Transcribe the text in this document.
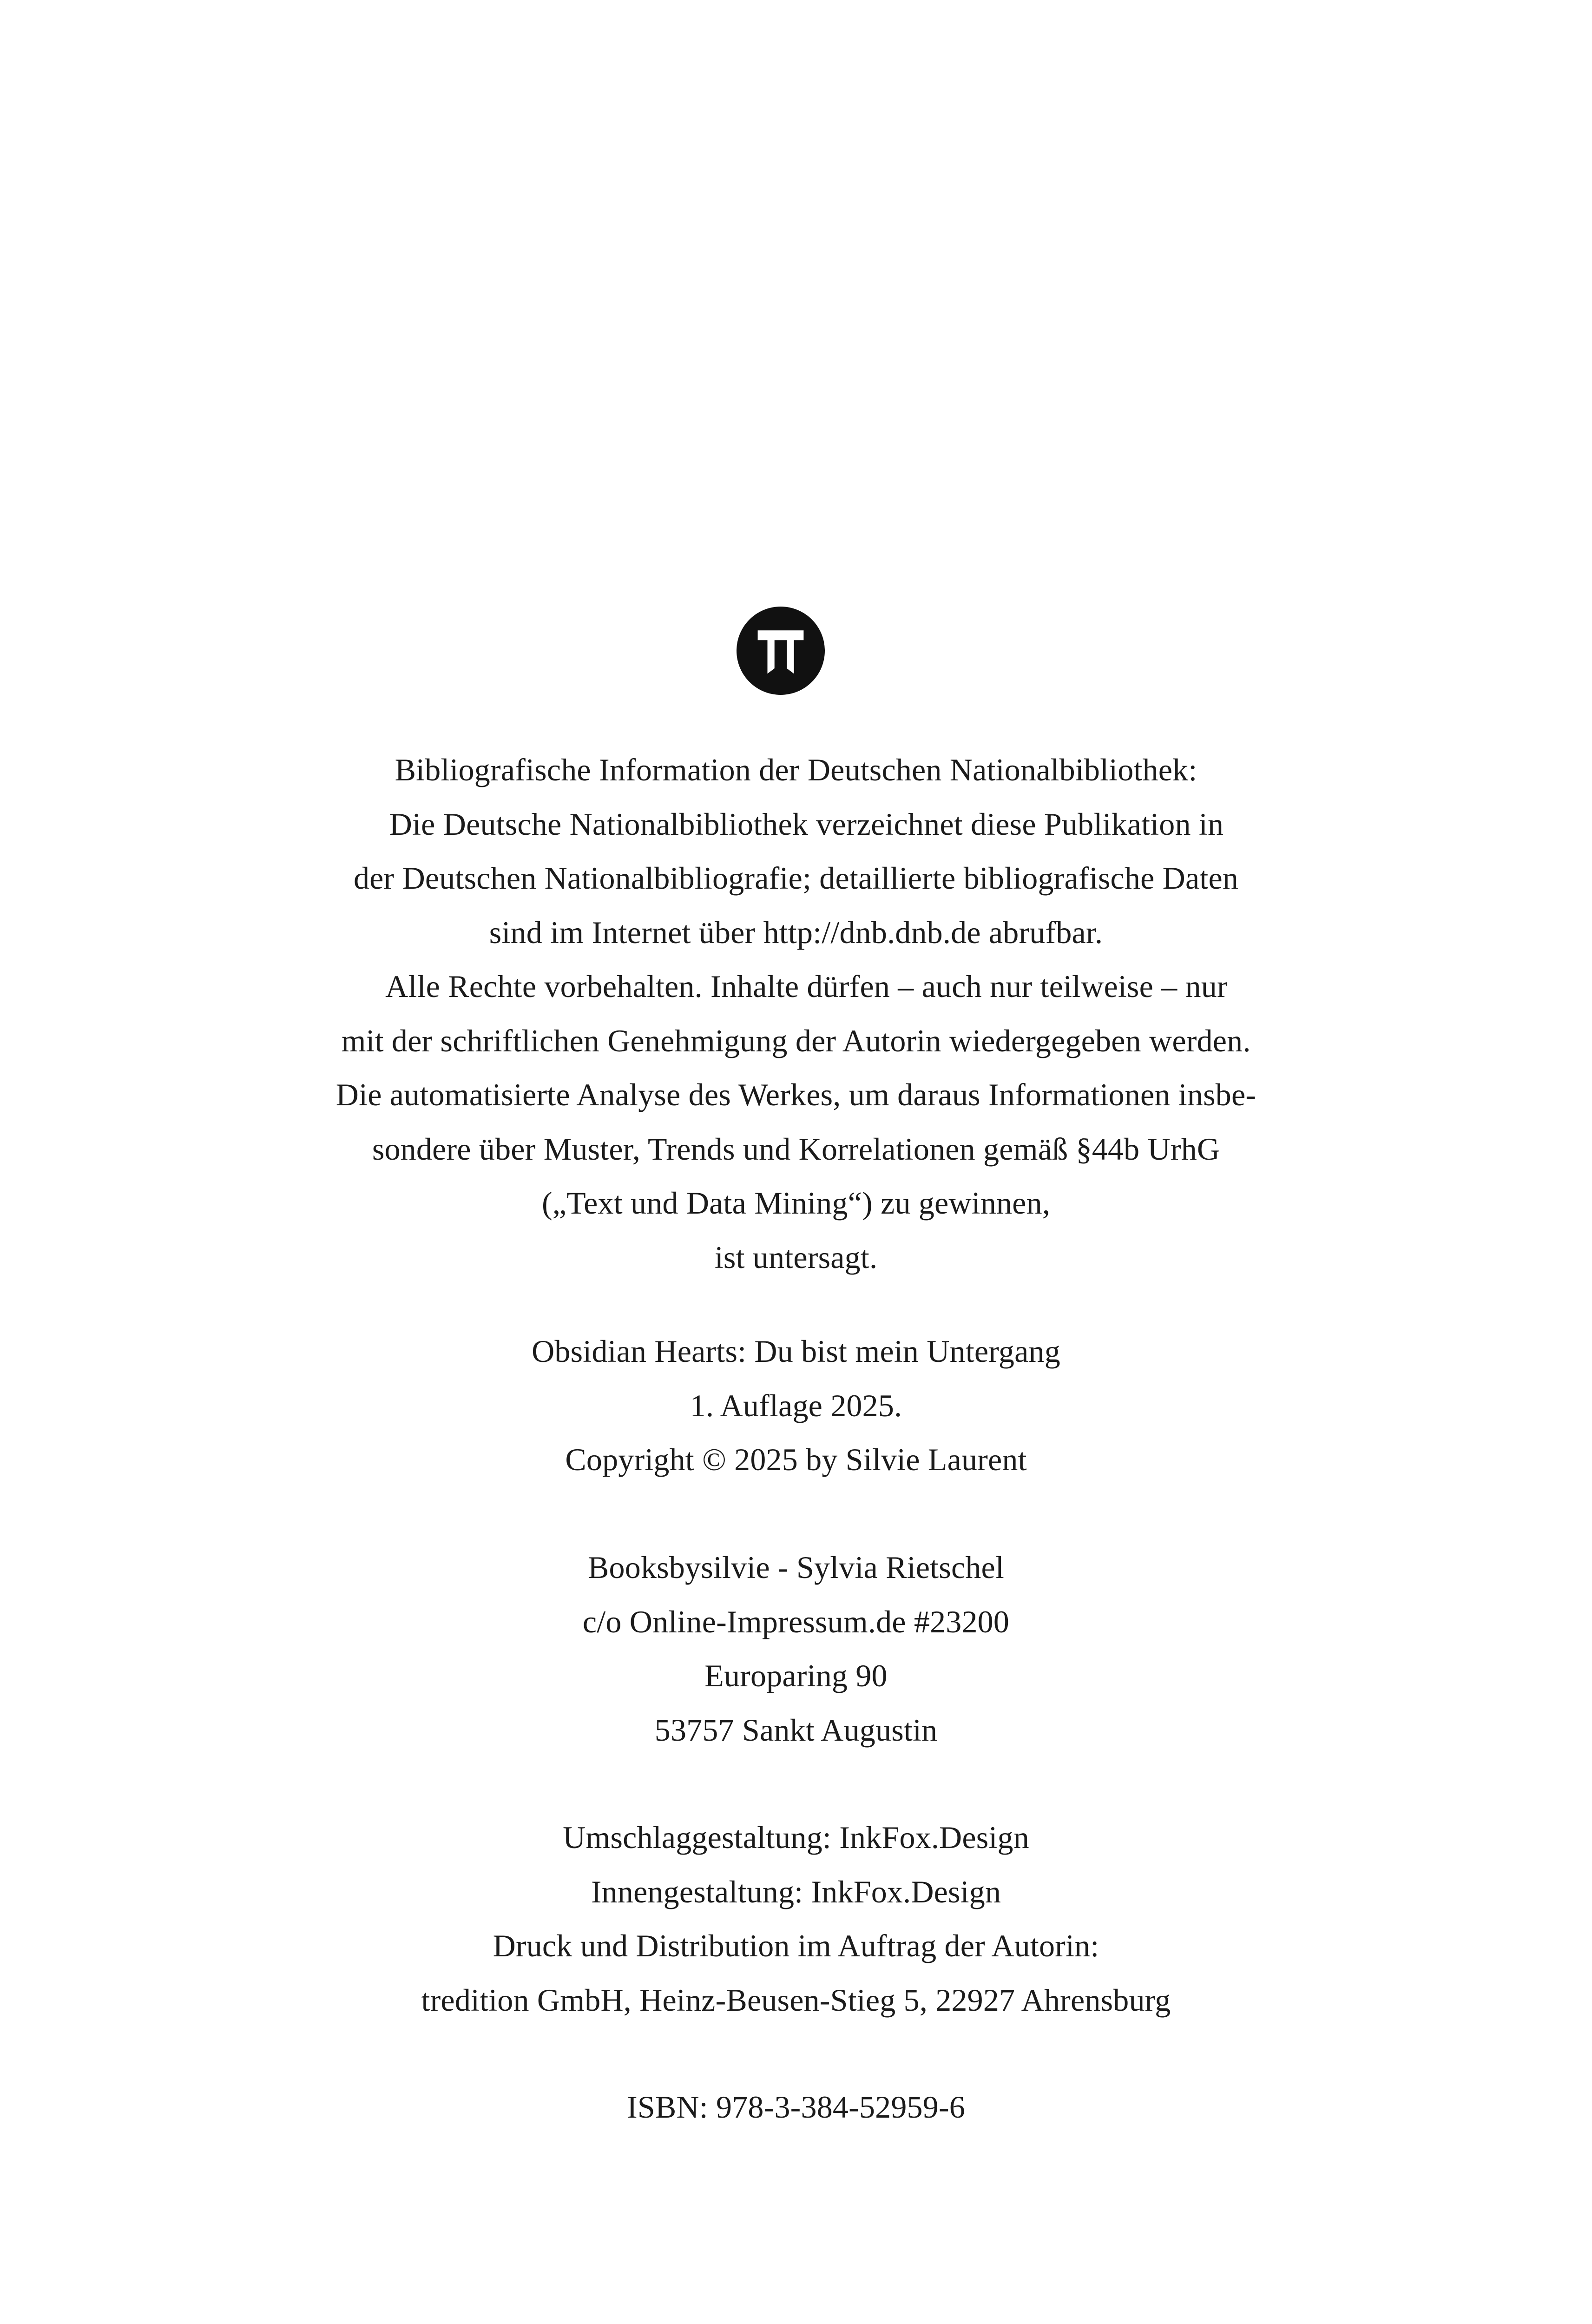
Bibliografische Information der Deutschen Nationalbibliothek:
Die Deutsche Nationalbibliothek verzeichnet diese Publikation in
der Deutschen Nationalbibliografie; detaillierte bibliografische Daten
sind im Internet über http://dnb.dnb.de abrufbar.
Alle Rechte vorbehalten. Inhalte dürfen – auch nur teilweise – nur
mit der schriftlichen Genehmigung der Autorin wiedergegeben werden.
Die automatisierte Analyse des Werkes, um daraus Informationen insbe-
sondere über Muster, Trends und Korrelationen gemäß §44b UrhG
(„Text und Data Mining“) zu gewinnen,
ist untersagt.
Obsidian Hearts: Du bist mein Untergang
1. Auflage 2025.
Copyright © 2025 by Silvie Laurent
Booksbysilvie - Sylvia Rietschel
c/o Online-Impressum.de #23200
Europaring 90
53757 Sankt Augustin
Umschlaggestaltung: InkFox.Design
Innengestaltung: InkFox.Design
Druck und Distribution im Auftrag der Autorin:
tredition GmbH, Heinz-Beusen-Stieg 5, 22927 Ahrensburg
ISBN: 978-3-384-52959-6
